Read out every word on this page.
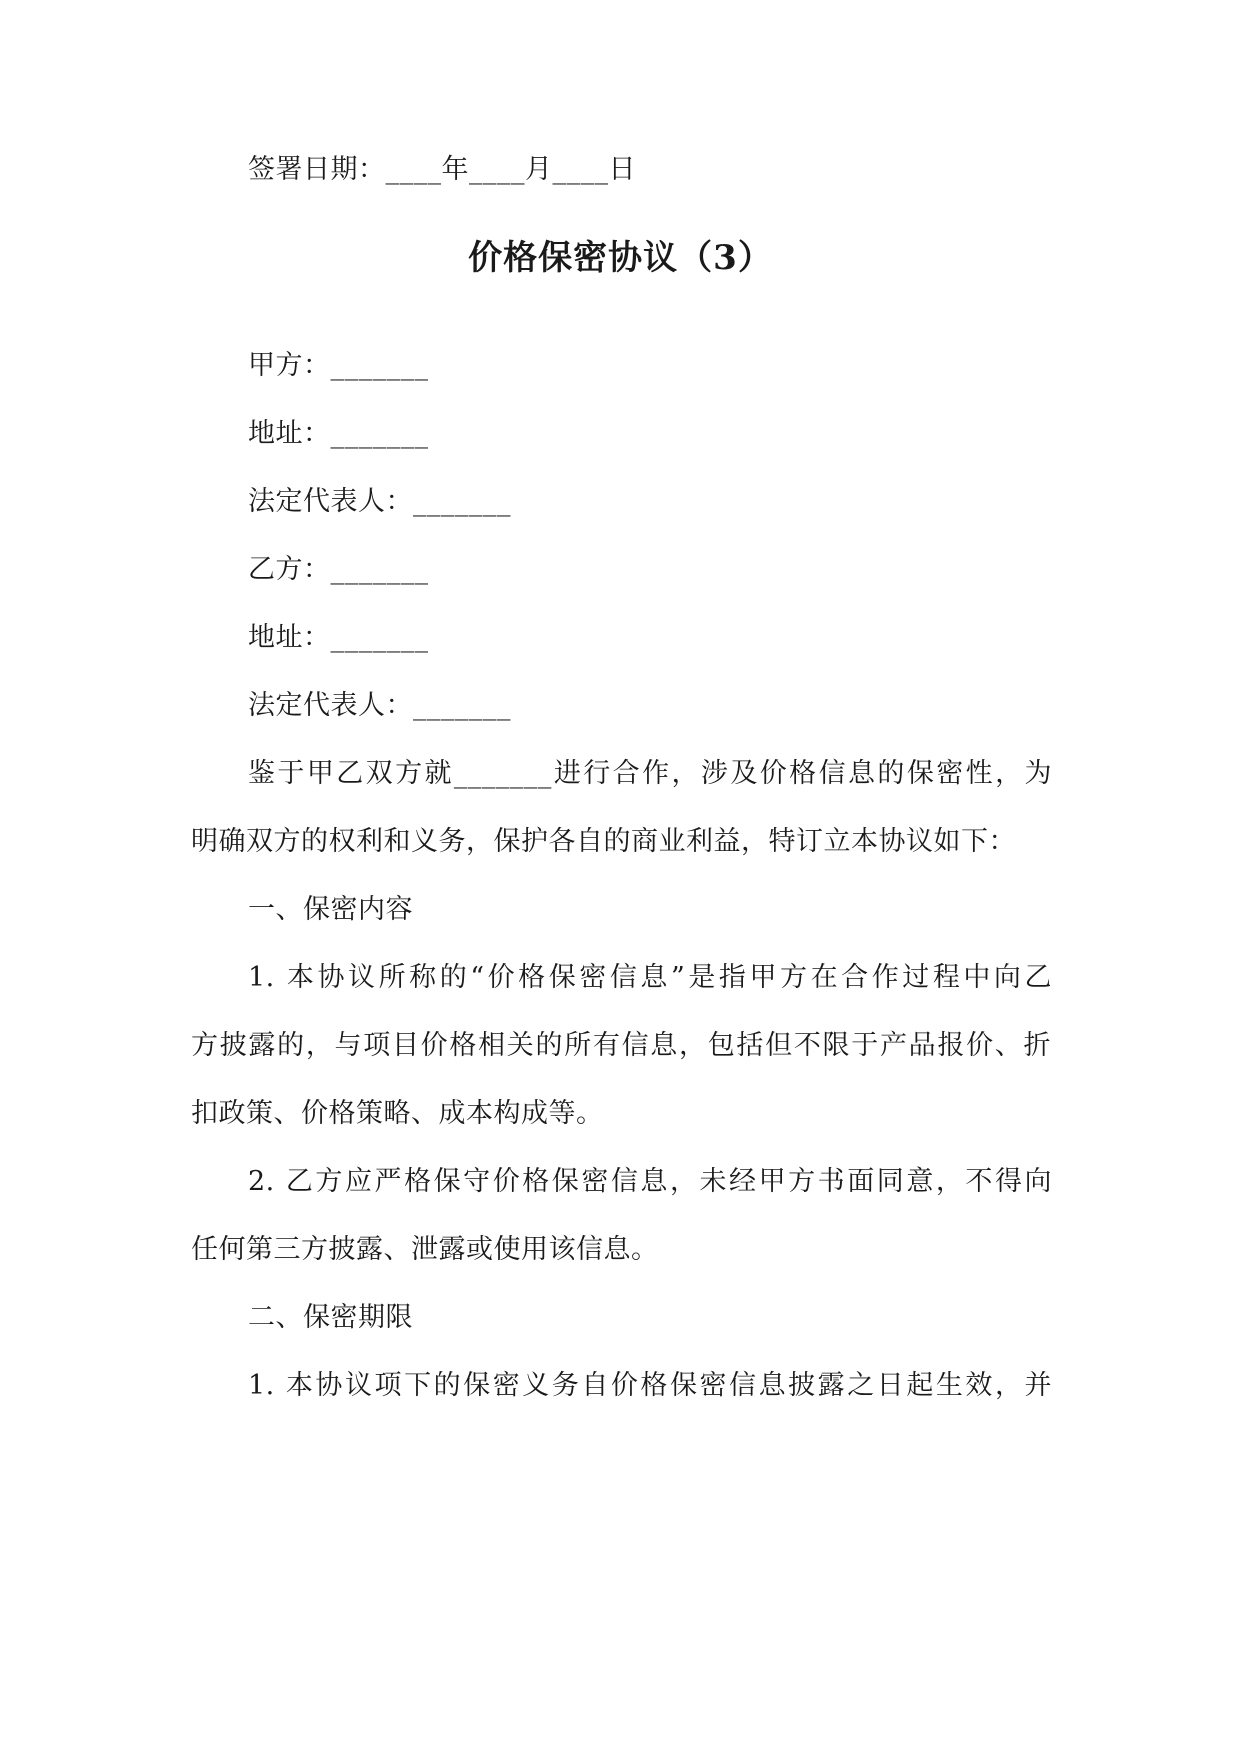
签署日期：____年____月____日
价格保密协议（3）
甲方：_______
地址：_______
法定代表人：_______
乙方：_______
地址：_______
法定代表人：_______
鉴于甲乙双方就_______进行合作，涉及价格信息的保密性，为
明确双方的权利和义务，保护各自的商业利益，特订立本协议如下：
一、保密内容
1. 本协议所称的“价格保密信息”是指甲方在合作过程中向乙
方披露的，与项目价格相关的所有信息，包括但不限于产品报价、折
扣政策、价格策略、成本构成等。
2. 乙方应严格保守价格保密信息，未经甲方书面同意，不得向
任何第三方披露、泄露或使用该信息。
二、保密期限
1. 本协议项下的保密义务自价格保密信息披露之日起生效，并
